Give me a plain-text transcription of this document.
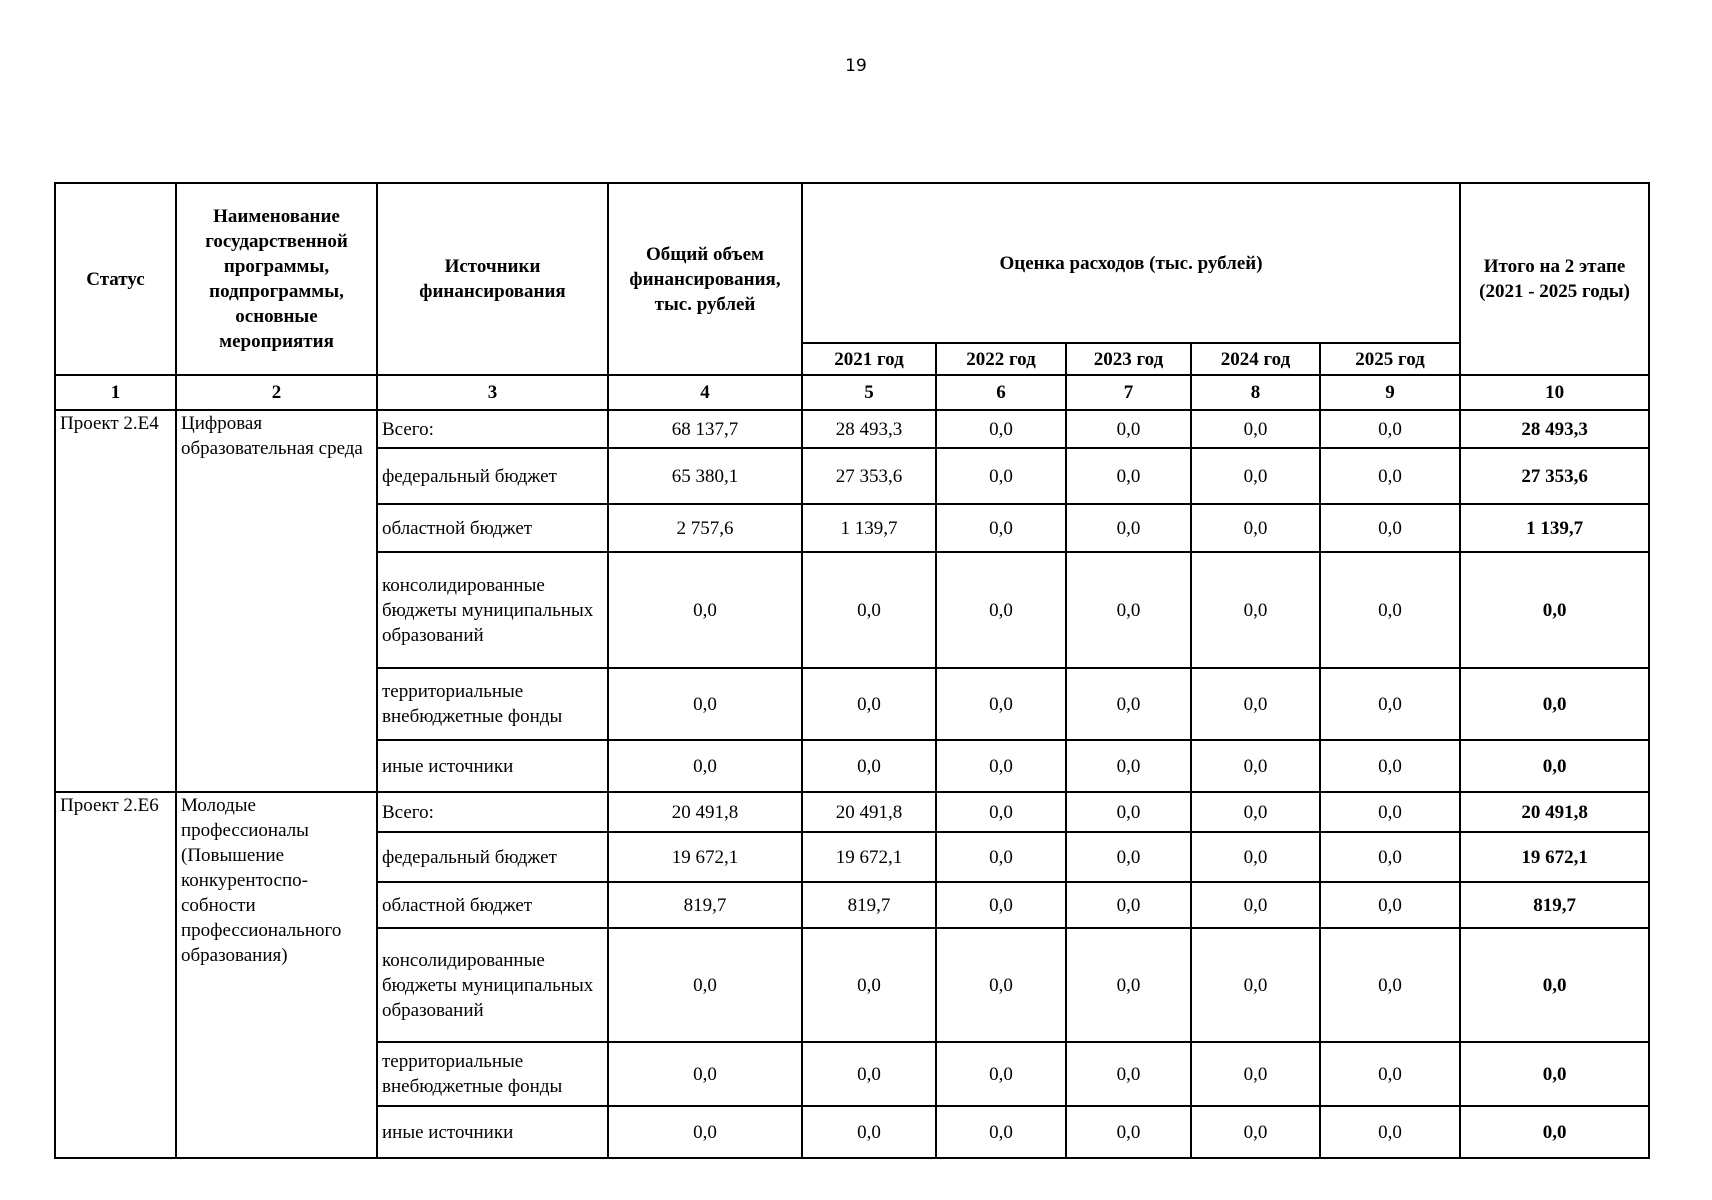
19
Статус	Наименование государственной программы, подпрограммы, основные мероприятия	Источники финансирования	Общий объем финансирования, тыс. рублей	Оценка расходов (тыс. рублей)					Итого на 2 этапе (2021 - 2025 годы)
				2021 год	2022 год	2023 год	2024 год	2025 год	
1	2	3	4	5	6	7	8	9	10
Проект 2.Е4	Цифровая образовательная среда	Всего:	68 137,7	28 493,3	0,0	0,0	0,0	0,0	28 493,3
		федеральный бюджет	65 380,1	27 353,6	0,0	0,0	0,0	0,0	27 353,6
		областной бюджет	2 757,6	1 139,7	0,0	0,0	0,0	0,0	1 139,7
		консолидированные бюджеты муниципальных образований	0,0	0,0	0,0	0,0	0,0	0,0	0,0
		территориальные внебюджетные фонды	0,0	0,0	0,0	0,0	0,0	0,0	0,0
		иные источники	0,0	0,0	0,0	0,0	0,0	0,0	0,0
Проект 2.Е6	Молодые профессионалы (Повышение конкурентоспо-собности профессионального образования)	Всего:	20 491,8	20 491,8	0,0	0,0	0,0	0,0	20 491,8
		федеральный бюджет	19 672,1	19 672,1	0,0	0,0	0,0	0,0	19 672,1
		областной бюджет	819,7	819,7	0,0	0,0	0,0	0,0	819,7
		консолидированные бюджеты муниципальных образований	0,0	0,0	0,0	0,0	0,0	0,0	0,0
		территориальные внебюджетные фонды	0,0	0,0	0,0	0,0	0,0	0,0	0,0
		иные источники	0,0	0,0	0,0	0,0	0,0	0,0	0,0
